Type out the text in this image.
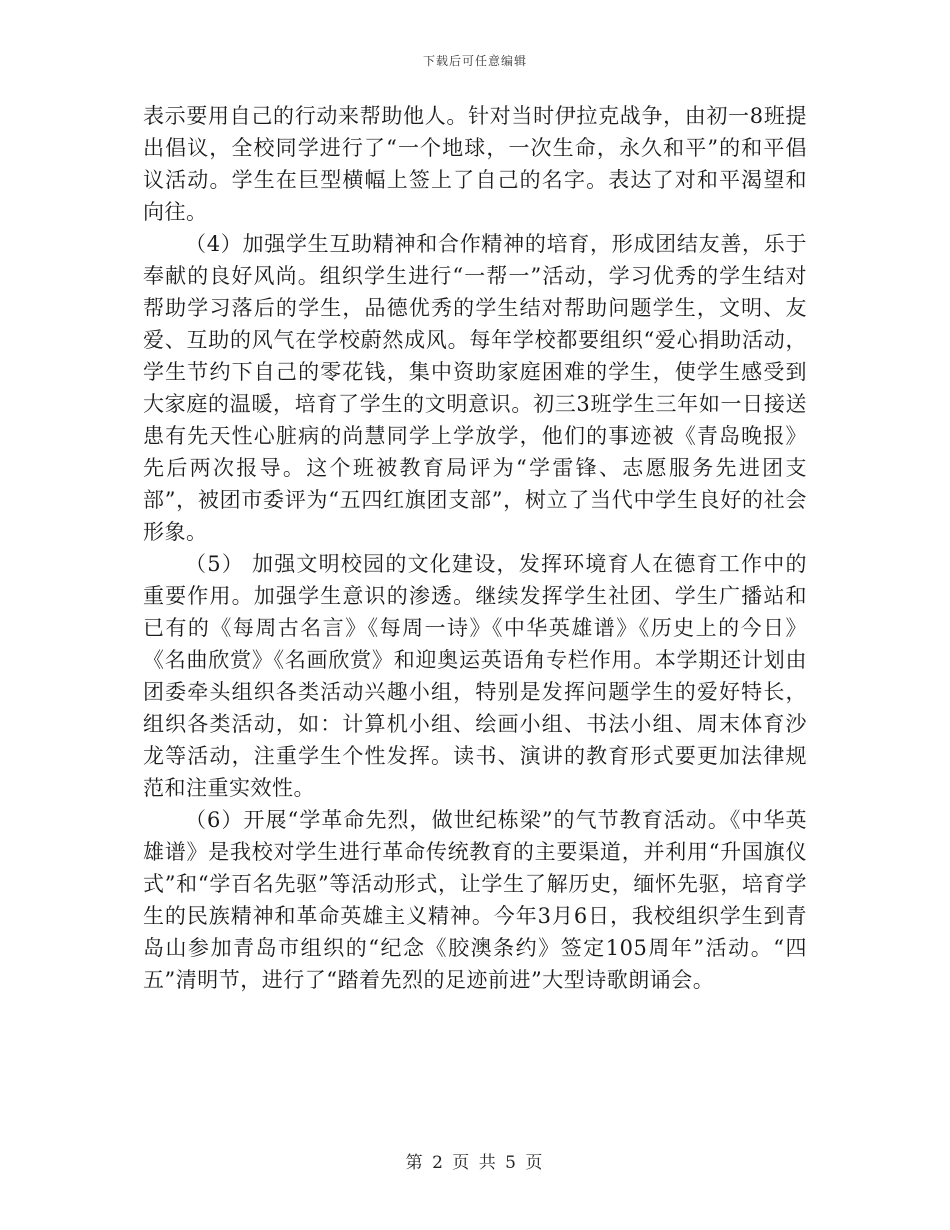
下载后可任意编辑

表示要用自己的行动来帮助他人。针对当时伊拉克战争，由初一8班提出倡议，全校同学进行了“一个地球，一次生命，永久和平”的和平倡议活动。学生在巨型横幅上签上了自己的名字。表达了对和平渴望和向往。

（4）加强学生互助精神和合作精神的培育，形成团结友善，乐于奉献的良好风尚。组织学生进行“一帮一”活动，学习优秀的学生结对帮助学习落后的学生，品德优秀的学生结对帮助问题学生，文明、友爱、互助的风气在学校蔚然成风。每年学校都要组织“爱心捐助活动，学生节约下自己的零花钱，集中资助家庭困难的学生，使学生感受到大家庭的温暖，培育了学生的文明意识。初三3班学生三年如一日接送患有先天性心脏病的尚慧同学上学放学，他们的事迹被《青岛晚报》先后两次报导。这个班被教育局评为“学雷锋、志愿服务先进团支部”，被团市委评为“五四红旗团支部”，树立了当代中学生良好的社会形象。

（5） 加强文明校园的文化建设，发挥环境育人在德育工作中的重要作用。加强学生意识的渗透。继续发挥学生社团、学生广播站和已有的《每周古名言》《每周一诗》《中华英雄谱》《历史上的今日》《名曲欣赏》《名画欣赏》和迎奥运英语角专栏作用。本学期还计划由团委牵头组织各类活动兴趣小组，特别是发挥问题学生的爱好特长，组织各类活动，如：计算机小组、绘画小组、书法小组、周末体育沙龙等活动，注重学生个性发挥。读书、演讲的教育形式要更加法律规范和注重实效性。

（6）开展“学革命先烈，做世纪栋梁”的气节教育活动。《中华英雄谱》是我校对学生进行革命传统教育的主要渠道，并利用“升国旗仪式”和“学百名先驱”等活动形式，让学生了解历史，缅怀先驱，培育学生的民族精神和革命英雄主义精神。今年3月6日，我校组织学生到青岛山参加青岛市组织的“纪念《胶澳条约》签定105周年”活动。“四五”清明节，进行了“踏着先烈的足迹前进”大型诗歌朗诵会。

第 2 页 共 5 页
